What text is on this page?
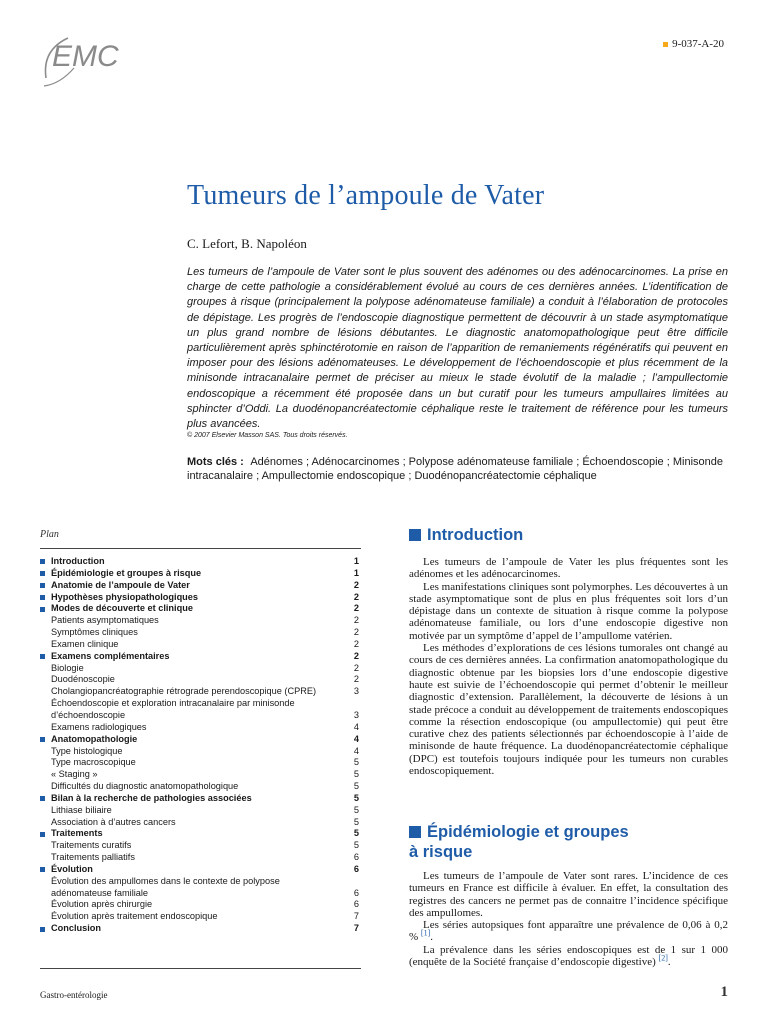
EMC	9-037-A-20
Tumeurs de l’ampoule de Vater
C. Lefort, B. Napoléon

Les tumeurs de l’ampoule de Vater sont le plus souvent des adénomes ou des adénocarcinomes. La prise en charge de cette pathologie a considérablement évolué au cours de ces dernières années. L’identification de groupes à risque (principalement la polypose adénomateuse familiale) a conduit à l’élaboration de protocoles de dépistage. Les progrès de l’endoscopie diagnostique permettent de découvrir à un stade asymptomatique un plus grand nombre de lésions débutantes. Le diagnostic anatomopathologique peut être difficile particulièrement après sphinctérotomie en raison de l’apparition de remaniements régénératifs qui peuvent en imposer pour des lésions adénomateuses. Le développement de l’échoendoscopie et plus récemment de la minisonde intracanalaire permet de préciser au mieux le stade évolutif de la maladie ; l’ampullectomie endoscopique a récemment été proposée dans un but curatif pour les tumeurs ampullaires limitées au sphincter d’Oddi. La duodénopancréatectomie céphalique reste le traitement de référence pour les tumeurs plus avancées.

© 2007 Elsevier Masson SAS. Tous droits réservés.
Mots clés : Adénomes ; Adénocarcinomes ; Polypose adénomateuse familiale ; Échoendoscopie ; Minisonde intracanalaire ; Ampullectomie endoscopique ; Duodénopancréatectomie céphalique
Plan
Introduction	1
Épidémiologie et groupes à risque	1
Anatomie de l’ampoule de Vater	2
Hypothèses physiopathologiques	2
Modes de découverte et clinique	2
Patients asymptomatiques	2
Symptômes cliniques	2
Examen clinique	2
Examens complémentaires	2
Biologie	2
Duodénoscopie	2
Cholangiopancréatographie rétrograde perendoscopique (CPRE)	3
Échoendoscopie et exploration intracanalaire par minisonde
d’échoendoscopie	3
Examens radiologiques	4
Anatomopathologie	4
Type histologique	4
Type macroscopique	5
« Staging »	5
Difficultés du diagnostic anatomopathologique	5
Bilan à la recherche de pathologies associées	5
Lithiase biliaire	5
Association à d’autres cancers	5
Traitements	5
Traitements curatifs	5
Traitements palliatifs	6
Évolution	6
Évolution des ampullomes dans le contexte de polypose
adénomateuse familiale	6
Évolution après chirurgie	6
Évolution après traitement endoscopique	7
Conclusion	7
Introduction

Les tumeurs de l’ampoule de Vater les plus fréquentes sont les adénomes et les adénocarcinomes.

Les manifestations cliniques sont polymorphes. Les découvertes à un stade asymptomatique sont de plus en plus fréquentes soit lors d’un dépistage dans un contexte de situation à risque comme la polypose adénomateuse familiale, ou lors d’une endoscopie digestive non motivée par un symptôme d’appel de l’ampullome vatérien.

Les méthodes d’explorations de ces lésions tumorales ont changé au cours de ces dernières années. La confirmation anatomopathologique du diagnostic obtenue par les biopsies lors d’une endoscopie digestive haute est suivie de l’échoendoscopie qui permet d’obtenir le meilleur diagnostic d’extension. Parallèlement, la découverte de lésions à un stade précoce a conduit au développement de traitements endoscopiques comme la résection endoscopique (ou ampullectomie) qui peut être curative chez des patients sélectionnés par échoendoscopie à l’aide de minisonde de haute fréquence. La duodénopancréatectomie céphalique (DPC) est toutefois toujours indiquée pour les tumeurs non curables endoscopiquement.

Épidémiologie et groupes
à risque

Les tumeurs de l’ampoule de Vater sont rares. L’incidence de ces tumeurs en France est difficile à évaluer. En effet, la consultation des registres des cancers ne permet pas de connaitre l’incidence spécifique des ampullomes.

Les séries autopsiques font apparaître une prévalence de 0,06 à 0,2 % [1].

La prévalence dans les séries endoscopiques est de 1 sur 1 000 (enquête de la Société française d’endoscopie digestive) [2].

Gastro-entérologie	1
